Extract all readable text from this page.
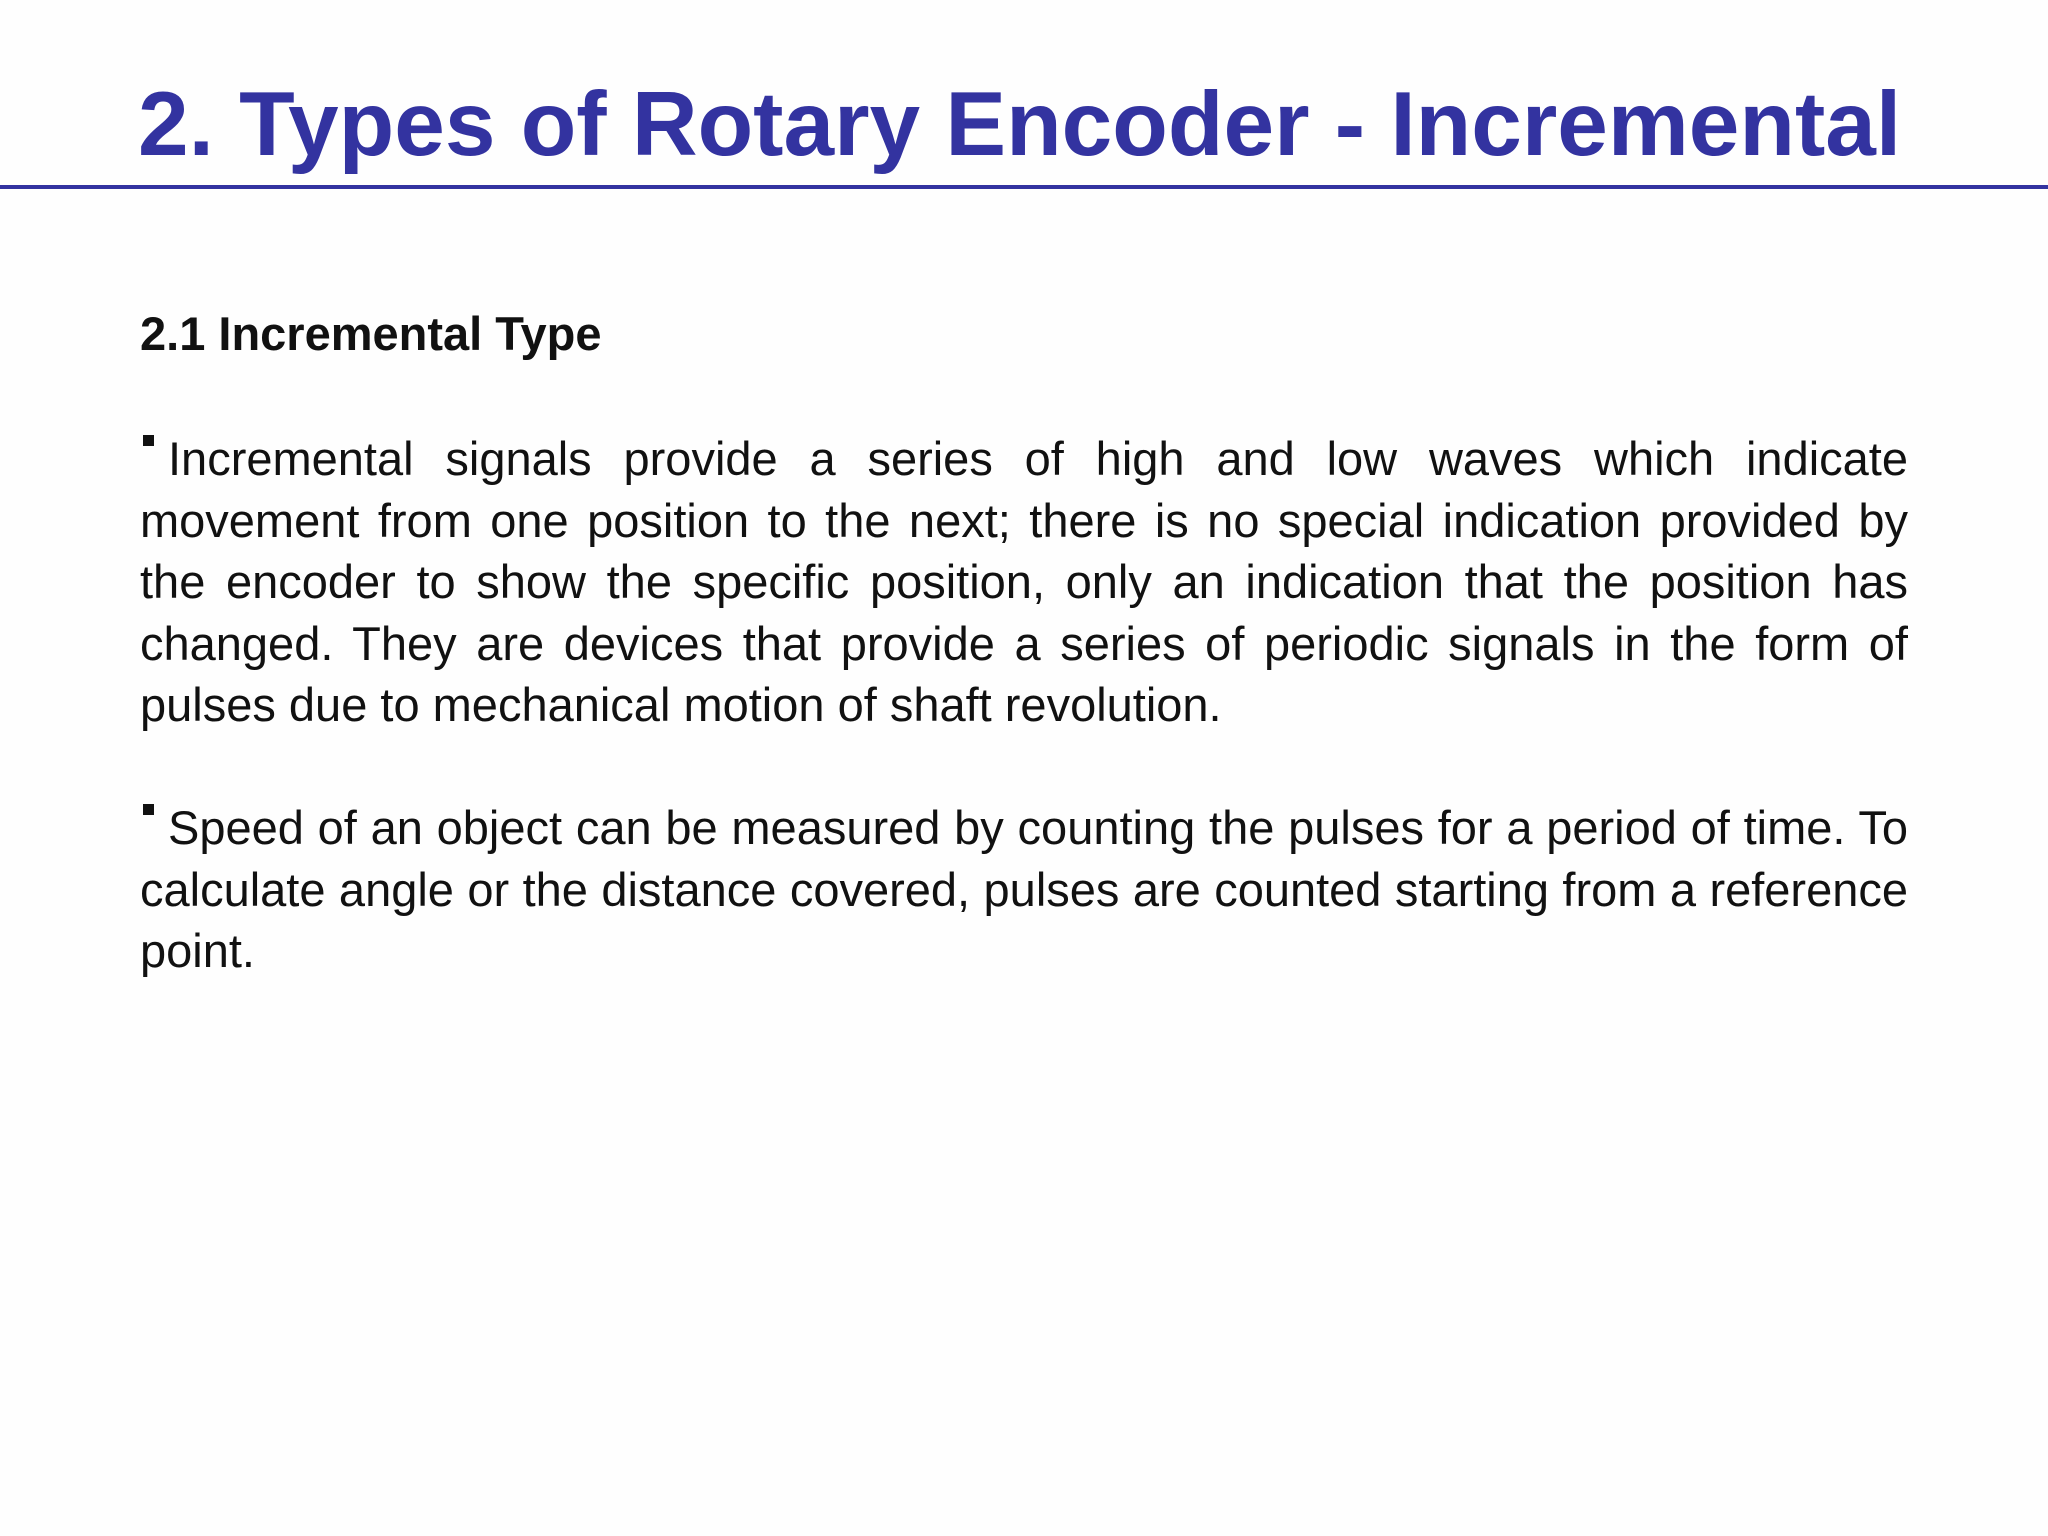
2. Types of Rotary Encoder - Incremental
2.1 Incremental Type

Incremental signals provide a series of high and low waves which indicate movement from one position to the next; there is no special indication provided by the encoder to show the specific position, only an indication that the position has changed. They are devices that provide a series of periodic signals in the form of pulses due to mechanical motion of shaft revolution.

Speed of an object can be measured by counting the pulses for a period of time. To calculate angle or the distance covered, pulses are counted starting from a reference point.
